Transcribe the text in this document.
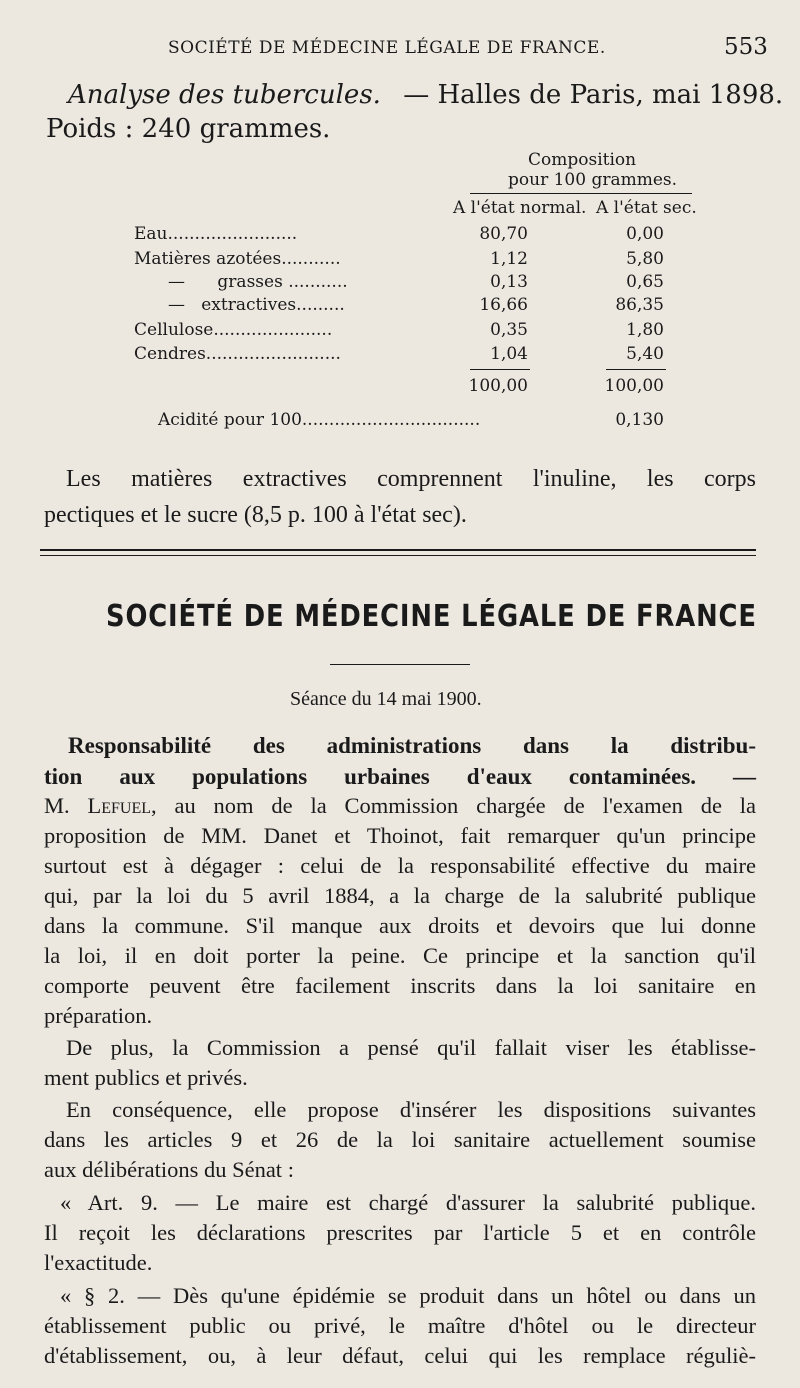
SOCIÉTÉ DE MÉDECINE LÉGALE DE FRANCE.	553
Analyse des tubercules. — Halles de Paris, mai 1898.
Poids : 240 grammes.
Composition
pour 100 grammes.
A l'état normal. A l'état sec.
Eau........................	80,70	0,00
Matières azotées...........	1,12	5,80
—      grasses ...........	0,13	0,65
—   extractives.........	16,66	86,35
Cellulose......................	0,35	1,80
Cendres.........................	1,04	5,40
100,00	100,00
Acidité pour 100.................................	0,130
Les matières extractives comprennent l'inuline, les corps
pectiques et le sucre (8,5 p. 100 à l'état sec).
SOCIÉTÉ DE MÉDECINE LÉGALE DE FRANCE
Séance du 14 mai 1900.
Responsabilité des administrations dans la distribu-
tion aux populations urbaines d'eaux contaminées. —
M. Lefuel, au nom de la Commission chargée de l'examen de la
proposition de MM. Danet et Thoinot, fait remarquer qu'un principe
surtout est à dégager : celui de la responsabilité effective du maire
qui, par la loi du 5 avril 1884, a la charge de la salubrité publique
dans la commune. S'il manque aux droits et devoirs que lui donne
la loi, il en doit porter la peine. Ce principe et la sanction qu'il
comporte peuvent être facilement inscrits dans la loi sanitaire en
préparation.
De plus, la Commission a pensé qu'il fallait viser les établisse-
ment publics et privés.
En conséquence, elle propose d'insérer les dispositions suivantes
dans les articles 9 et 26 de la loi sanitaire actuellement soumise
aux délibérations du Sénat :
« Art. 9. — Le maire est chargé d'assurer la salubrité publique.
Il reçoit les déclarations prescrites par l'article 5 et en contrôle
l'exactitude.
« § 2. — Dès qu'une épidémie se produit dans un hôtel ou dans un
établissement public ou privé, le maître d'hôtel ou le directeur
d'établissement, ou, à leur défaut, celui qui les remplace réguliè-
